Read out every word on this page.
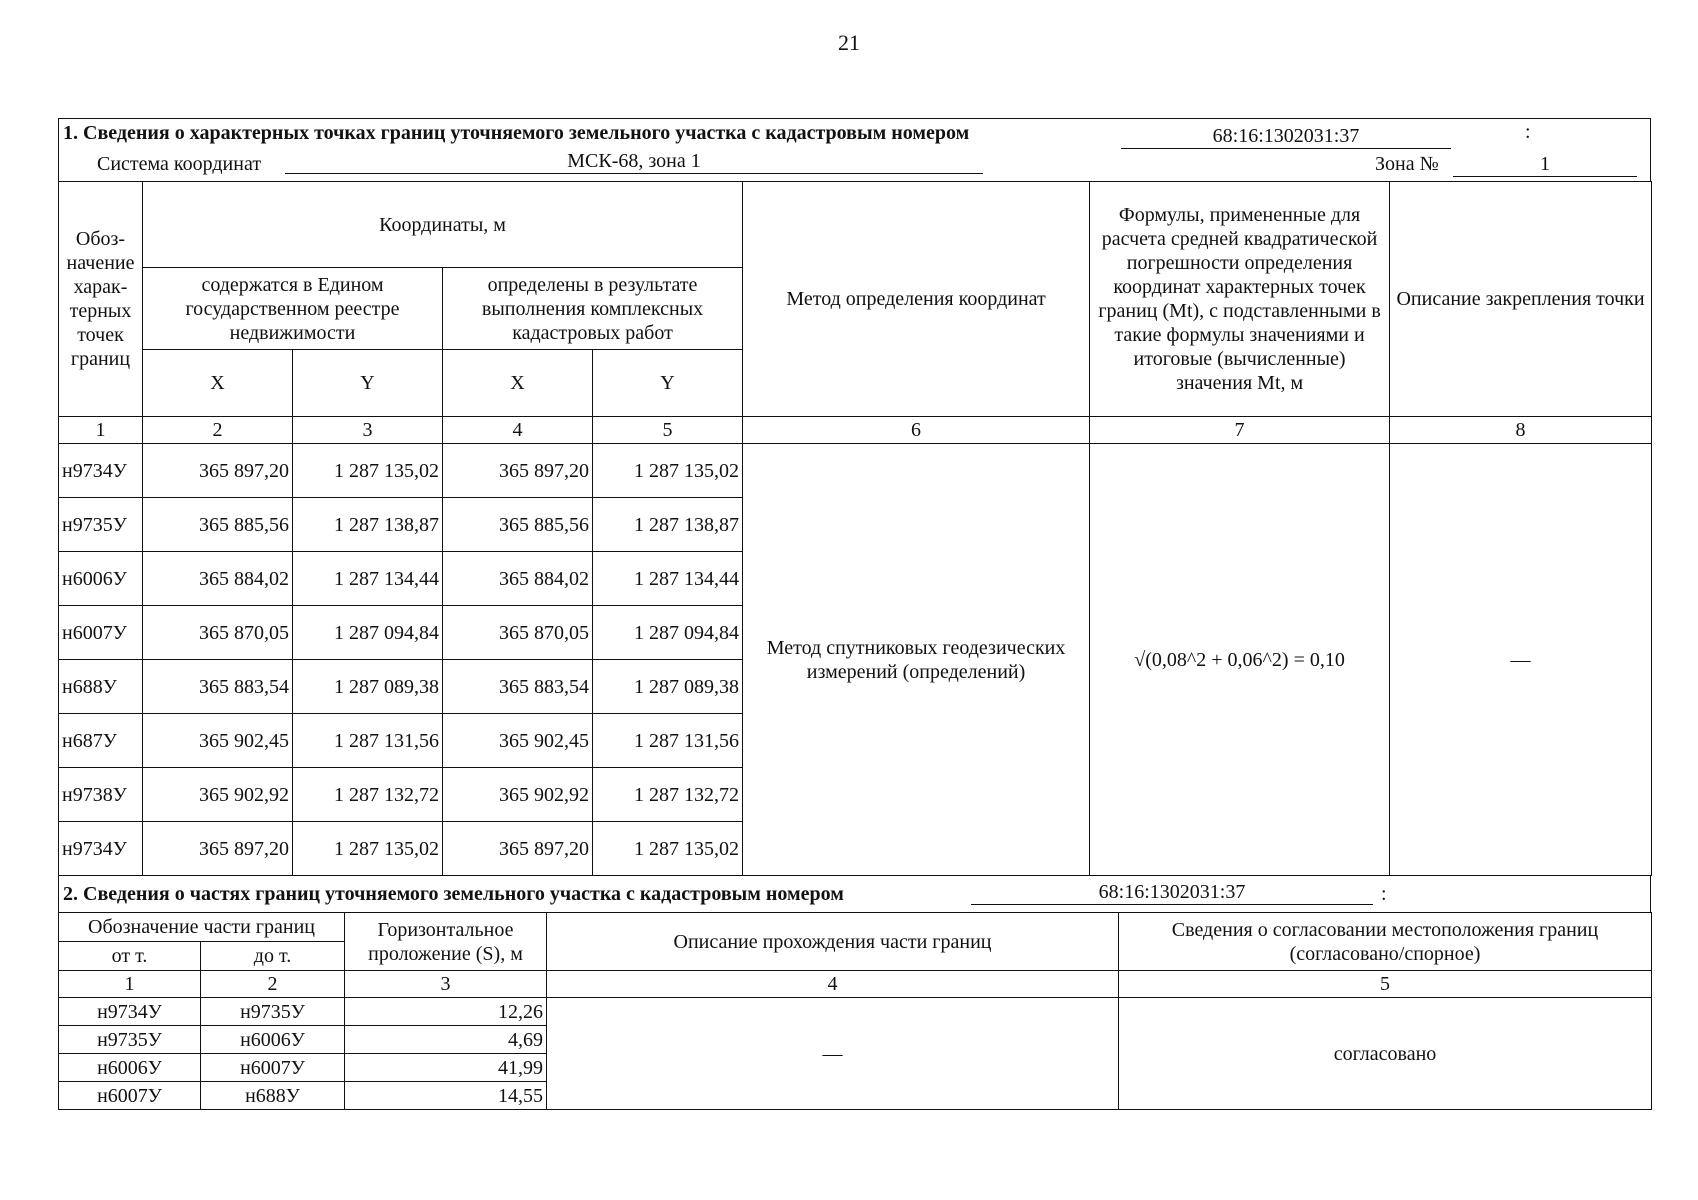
21
1. Сведения о характерных точках границ уточняемого земельного участка с кадастровым номером	68:16:1302031:37	:
Система координат	МСК-68, зона 1	Зона №	1
Обоз-начение харак-терных точек границ	Координаты, м				Метод определения координат	Формулы, примененные для расчета средней квадратической погрешности определения координат характерных точек границ (Mt), с подставленными в такие формулы значениями и итоговые (вычисленные) значения Mt, м	Описание закрепления точки
	содержатся в Едином государственном реестре недвижимости		определены в результате выполнения комплексных кадастровых работ				
	X	Y	X	Y			
1	2	3	4	5	6	7	8
н9734У	365 897,20	1 287 135,02	365 897,20	1 287 135,02	Метод спутниковых геодезических измерений (определений)	√(0,08^2 + 0,06^2) = 0,10	—
н9735У	365 885,56	1 287 138,87	365 885,56	1 287 138,87			
н6006У	365 884,02	1 287 134,44	365 884,02	1 287 134,44			
н6007У	365 870,05	1 287 094,84	365 870,05	1 287 094,84			
н688У	365 883,54	1 287 089,38	365 883,54	1 287 089,38			
н687У	365 902,45	1 287 131,56	365 902,45	1 287 131,56			
н9738У	365 902,92	1 287 132,72	365 902,92	1 287 132,72			
н9734У	365 897,20	1 287 135,02	365 897,20	1 287 135,02			
2. Сведения о частях границ уточняемого земельного участка с кадастровым номером	68:16:1302031:37	:
Обозначение части границ		Горизонтальное проложение (S), м	Описание прохождения части границ	Сведения о согласовании местоположения границ (согласовано/спорное)
от т.	до т.			
1	2	3	4	5
н9734У	н9735У	12,26	—	согласовано
н9735У	н6006У	4,69		
н6006У	н6007У	41,99		
н6007У	н688У	14,55		
